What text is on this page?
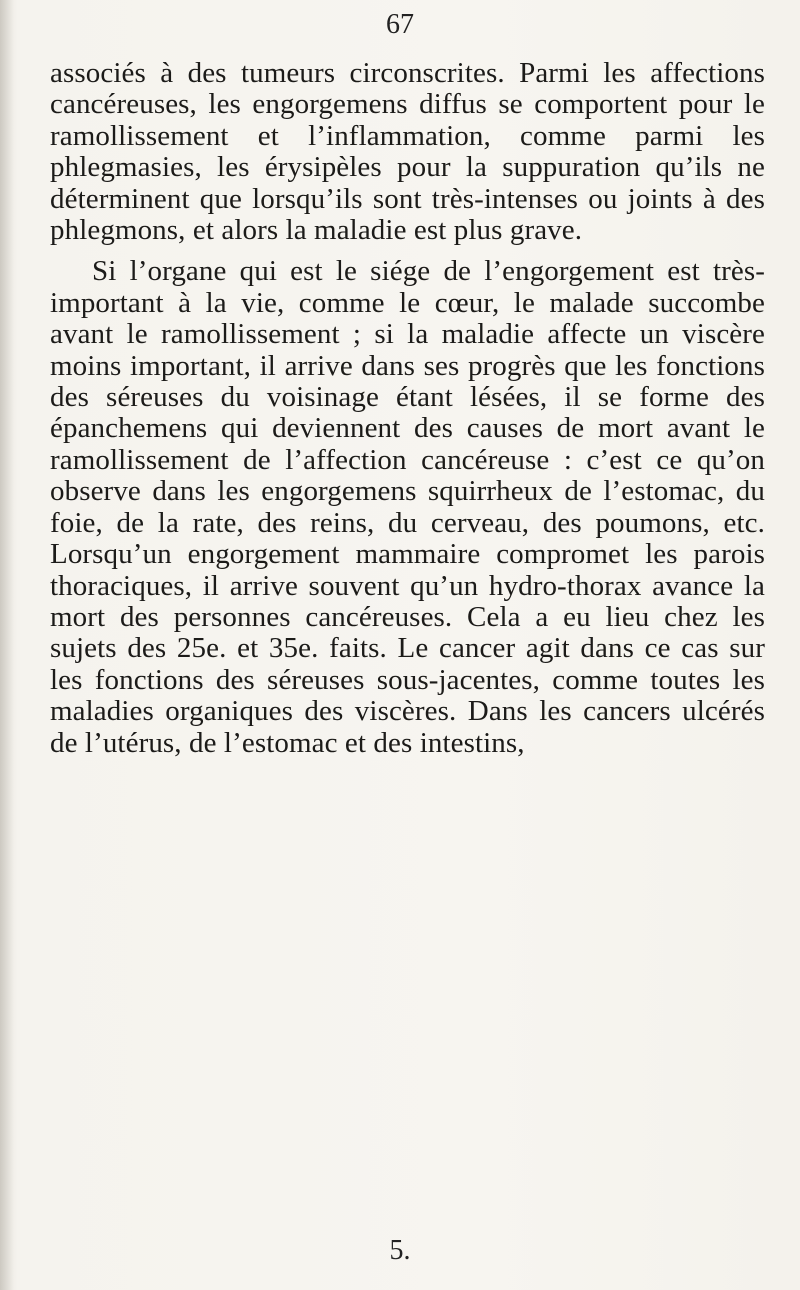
67

associés à des tumeurs circonscrites. Parmi les affections cancéreuses, les engorgemens diffus se comportent pour le ramollissement et l’inflammation, comme parmi les phlegmasies, les érysipèles pour la suppuration qu’ils ne déterminent que lorsqu’ils sont très-intenses ou joints à des phlegmons, et alors la maladie est plus grave.

Si l’organe qui est le siége de l’engorgement est très-important à la vie, comme le cœur, le malade succombe avant le ramollissement ; si la maladie affecte un viscère moins important, il arrive dans ses progrès que les fonctions des séreuses du voisinage étant lésées, il se forme des épanchemens qui deviennent des causes de mort avant le ramollissement de l’affection cancéreuse : c’est ce qu’on observe dans les engorgemens squirrheux de l’estomac, du foie, de la rate, des reins, du cerveau, des poumons, etc. Lorsqu’un engorgement mammaire compromet les parois thoraciques, il arrive souvent qu’un hydro-thorax avance la mort des personnes cancéreuses. Cela a eu lieu chez les sujets des 25e. et 35e. faits. Le cancer agit dans ce cas sur les fonctions des séreuses sous-jacentes, comme toutes les maladies organiques des viscères. Dans les cancers ulcérés de l’utérus, de l’estomac et des intestins,

5.
